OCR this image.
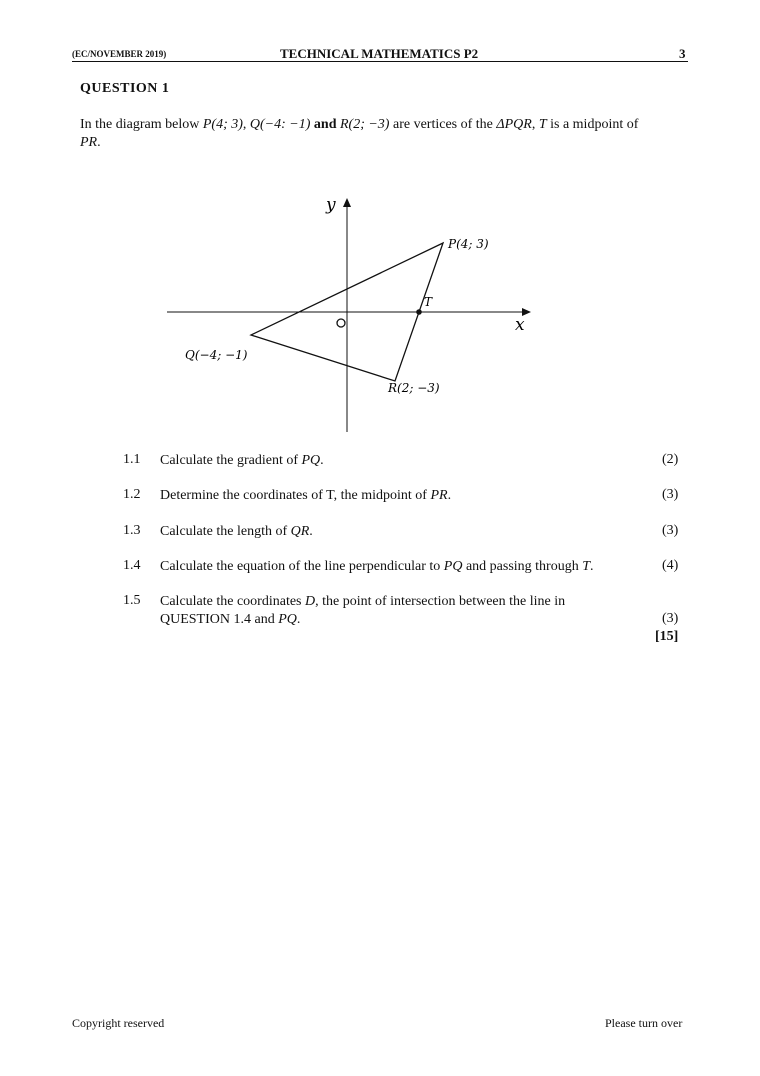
(EC/NOVEMBER 2019)	TECHNICAL MATHEMATICS P2	3
QUESTION 1
In the diagram below P(4; 3), Q(−4: −1) and R(2; −3) are vertices of the ΔPQR, T is a midpoint of PR.
y
x
P(4; 3)
T
Q(−4; −1)
R(2; −3)
1.1 Calculate the gradient of PQ.	(2)
1.2 Determine the coordinates of T, the midpoint of PR.	(3)
1.3 Calculate the length of QR.	(3)
1.4 Calculate the equation of the line perpendicular to PQ and passing through T.	(4)
1.5 Calculate the coordinates D, the point of intersection between the line in QUESTION 1.4 and PQ.	(3)
[15]
Copyright reserved	Please turn over
